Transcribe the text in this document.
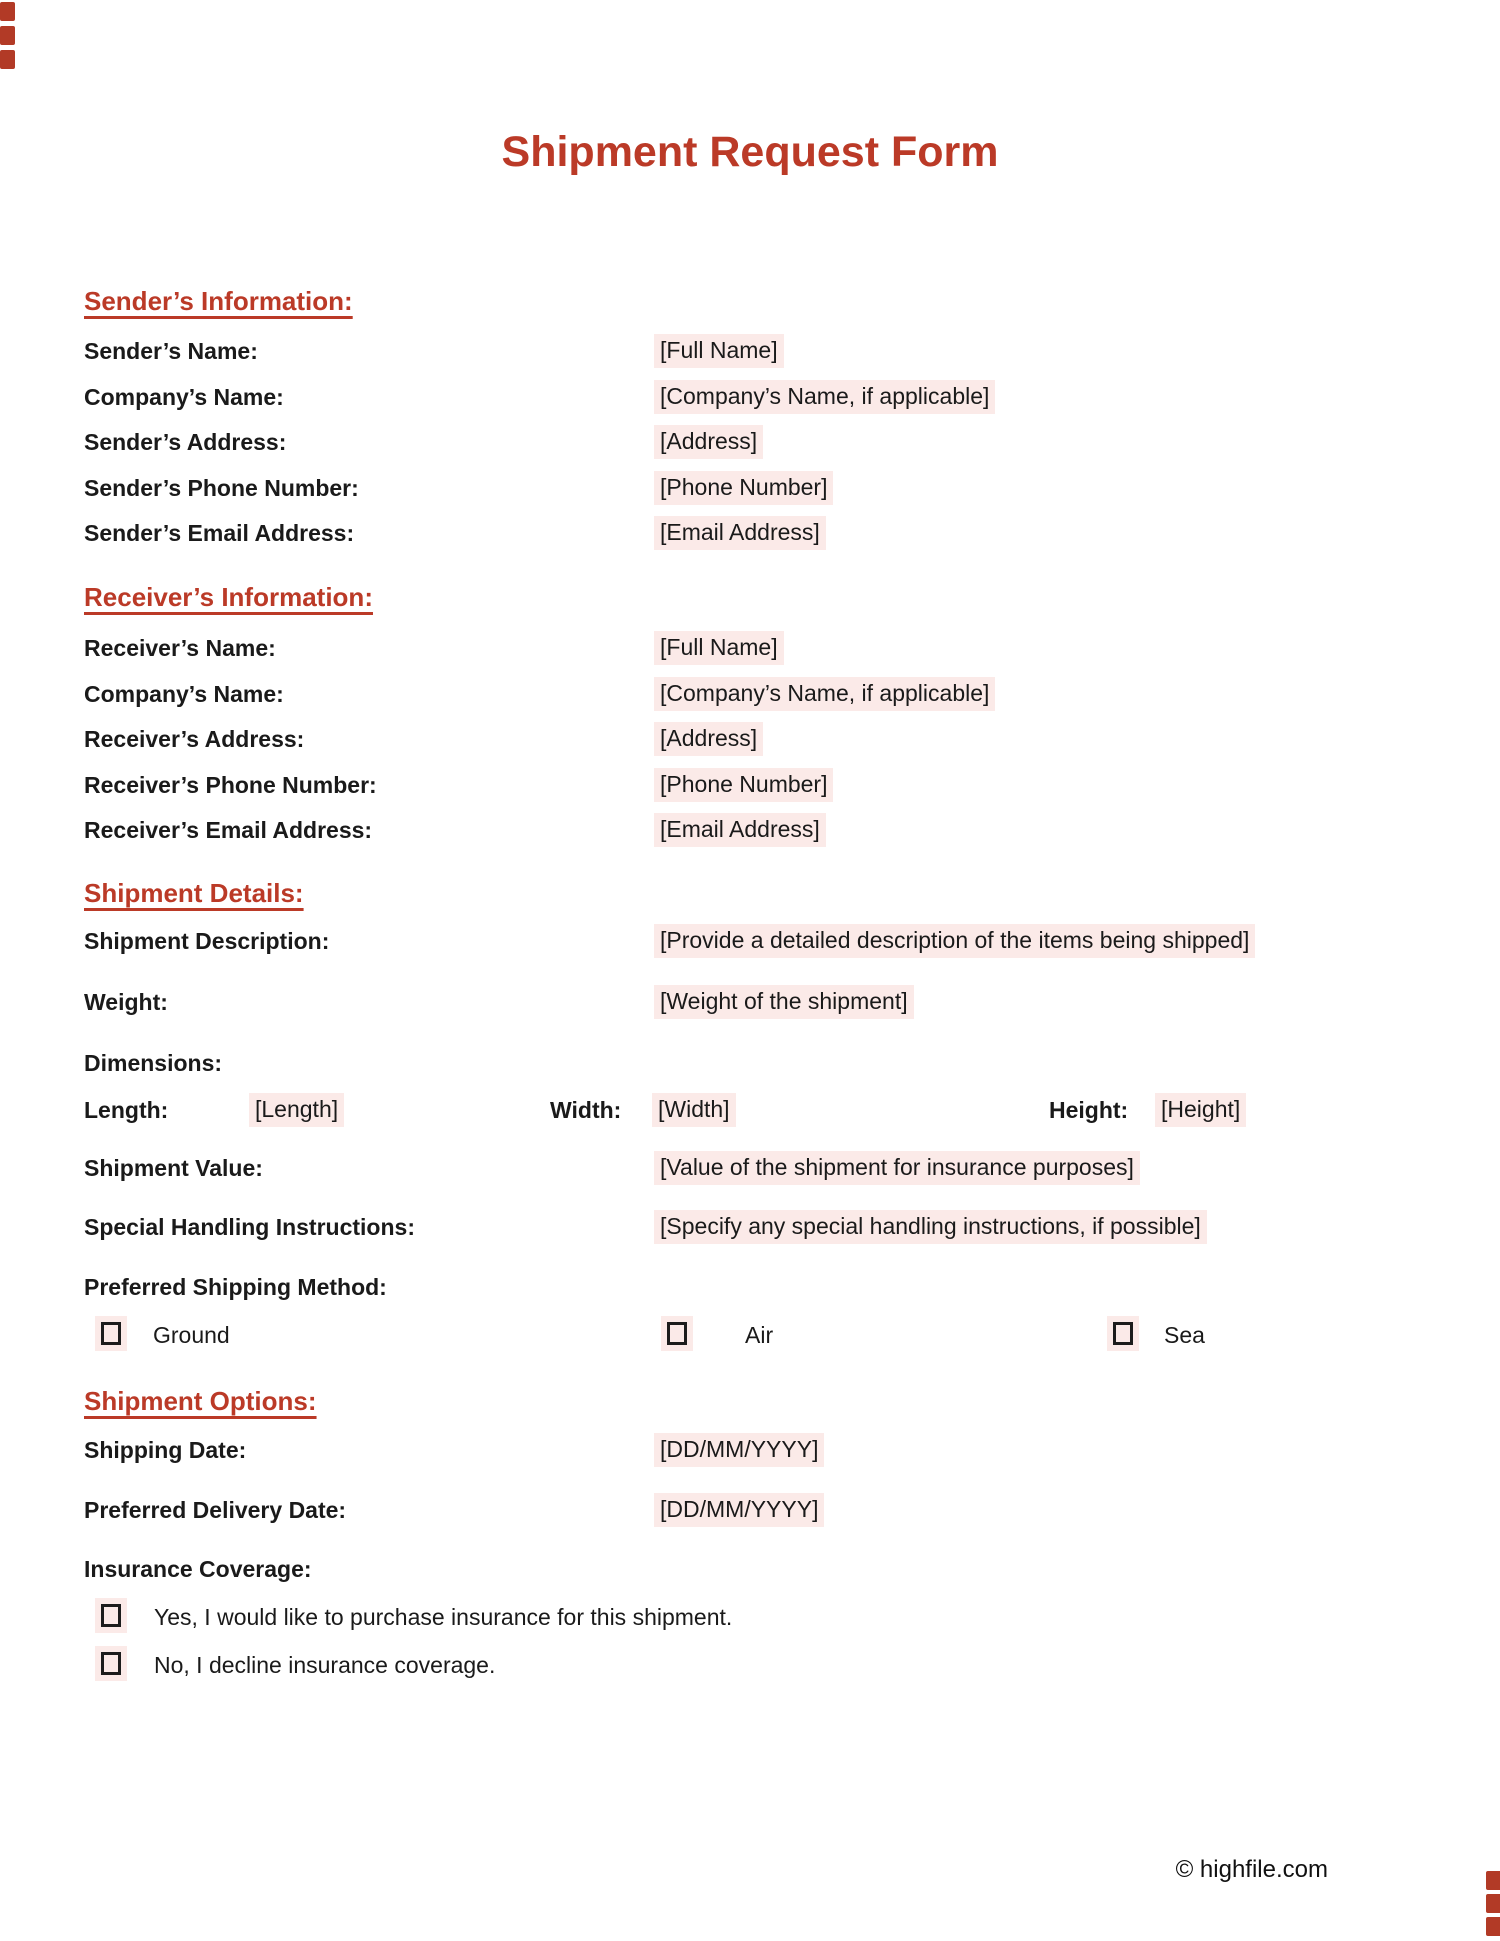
Shipment Request Form
Sender’s Information:
Sender’s Name:	[Full Name]
Company’s Name:	[Company’s Name, if applicable]
Sender’s Address:	[Address]
Sender’s Phone Number:	[Phone Number]
Sender’s Email Address:	[Email Address]
Receiver’s Information:
Receiver’s Name:	[Full Name]
Company’s Name:	[Company’s Name, if applicable]
Receiver’s Address:	[Address]
Receiver’s Phone Number:	[Phone Number]
Receiver’s Email Address:	[Email Address]
Shipment Details:
Shipment Description:	[Provide a detailed description of the items being shipped]
Weight:	[Weight of the shipment]
Dimensions:
Length:	[Length]	Width: [Width]	Height: [Height]
Shipment Value:	[Value of the shipment for insurance purposes]
Special Handling Instructions:	[Specify any special handling instructions, if possible]
Preferred Shipping Method:
Ground	Air	Sea
Shipment Options:
Shipping Date:	[DD/MM/YYYY]
Preferred Delivery Date:	[DD/MM/YYYY]
Insurance Coverage:
Yes, I would like to purchase insurance for this shipment.
No, I decline insurance coverage.
© highfile.com
